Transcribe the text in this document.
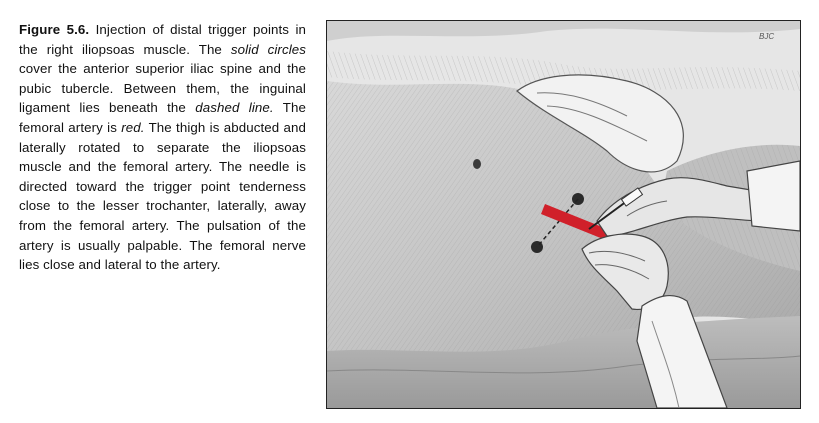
Figure 5.6. Injection of distal trigger points in the right iliopsoas muscle. The solid circles cover the anterior superior iliac spine and the pubic tubercle. Between them, the inguinal ligament lies beneath the dashed line. The femoral artery is red. The thigh is abducted and laterally rotated to separate the iliopsoas muscle and the femoral artery. The needle is directed toward the trigger point tenderness close to the lesser trochanter, laterally, away from the femoral artery. The pulsation of the artery is usually palpable. The femoral nerve lies close and lateral to the artery.
BJC
